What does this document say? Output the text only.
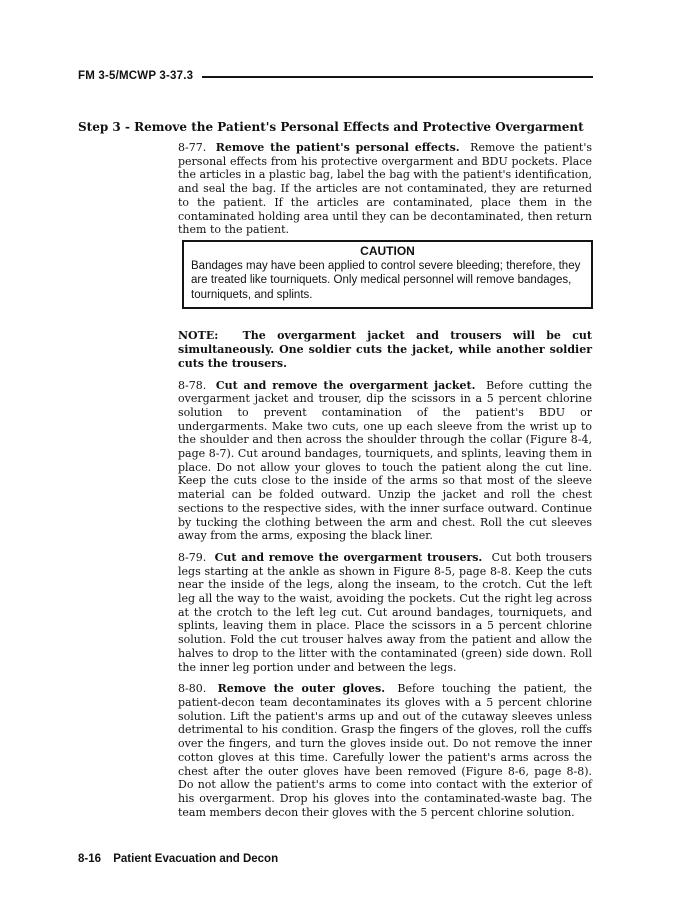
FM 3-5/MCWP 3-37.3
Step 3 - Remove the Patient's Personal Effects and Protective Overgarment

8-77. Remove the patient's personal effects. Remove the patient's personal effects from his protective overgarment and BDU pockets. Place the articles in a plastic bag, label the bag with the patient's identification, and seal the bag. If the articles are not contaminated, they are returned to the patient. If the articles are contaminated, place them in the contaminated holding area until they can be decontaminated, then return them to the patient.

CAUTION
Bandages may have been applied to control severe bleeding; therefore, they are treated like tourniquets. Only medical personnel will remove bandages, tourniquets, and splints.

NOTE: The overgarment jacket and trousers will be cut simultaneously. One soldier cuts the jacket, while another soldier cuts the trousers.

8-78. Cut and remove the overgarment jacket. Before cutting the overgarment jacket and trouser, dip the scissors in a 5 percent chlorine solution to prevent contamination of the patient's BDU or undergarments. Make two cuts, one up each sleeve from the wrist up to the shoulder and then across the shoulder through the collar (Figure 8-4, page 8-7). Cut around bandages, tourniquets, and splints, leaving them in place. Do not allow your gloves to touch the patient along the cut line. Keep the cuts close to the inside of the arms so that most of the sleeve material can be folded outward. Unzip the jacket and roll the chest sections to the respective sides, with the inner surface outward. Continue by tucking the clothing between the arm and chest. Roll the cut sleeves away from the arms, exposing the black liner.

8-79. Cut and remove the overgarment trousers. Cut both trousers legs starting at the ankle as shown in Figure 8-5, page 8-8. Keep the cuts near the inside of the legs, along the inseam, to the crotch. Cut the left leg all the way to the waist, avoiding the pockets. Cut the right leg across at the crotch to the left leg cut. Cut around bandages, tourniquets, and splints, leaving them in place. Place the scissors in a 5 percent chlorine solution. Fold the cut trouser halves away from the patient and allow the halves to drop to the litter with the contaminated (green) side down. Roll the inner leg portion under and between the legs.

8-80. Remove the outer gloves. Before touching the patient, the patient-decon team decontaminates its gloves with a 5 percent chlorine solution. Lift the patient's arms up and out of the cutaway sleeves unless detrimental to his condition. Grasp the fingers of the gloves, roll the cuffs over the fingers, and turn the gloves inside out. Do not remove the inner cotton gloves at this time. Carefully lower the patient's arms across the chest after the outer gloves have been removed (Figure 8-6, page 8-8). Do not allow the patient's arms to come into contact with the exterior of his overgarment. Drop his gloves into the contaminated-waste bag. The team members decon their gloves with the 5 percent chlorine solution.

8-16 Patient Evacuation and Decon
